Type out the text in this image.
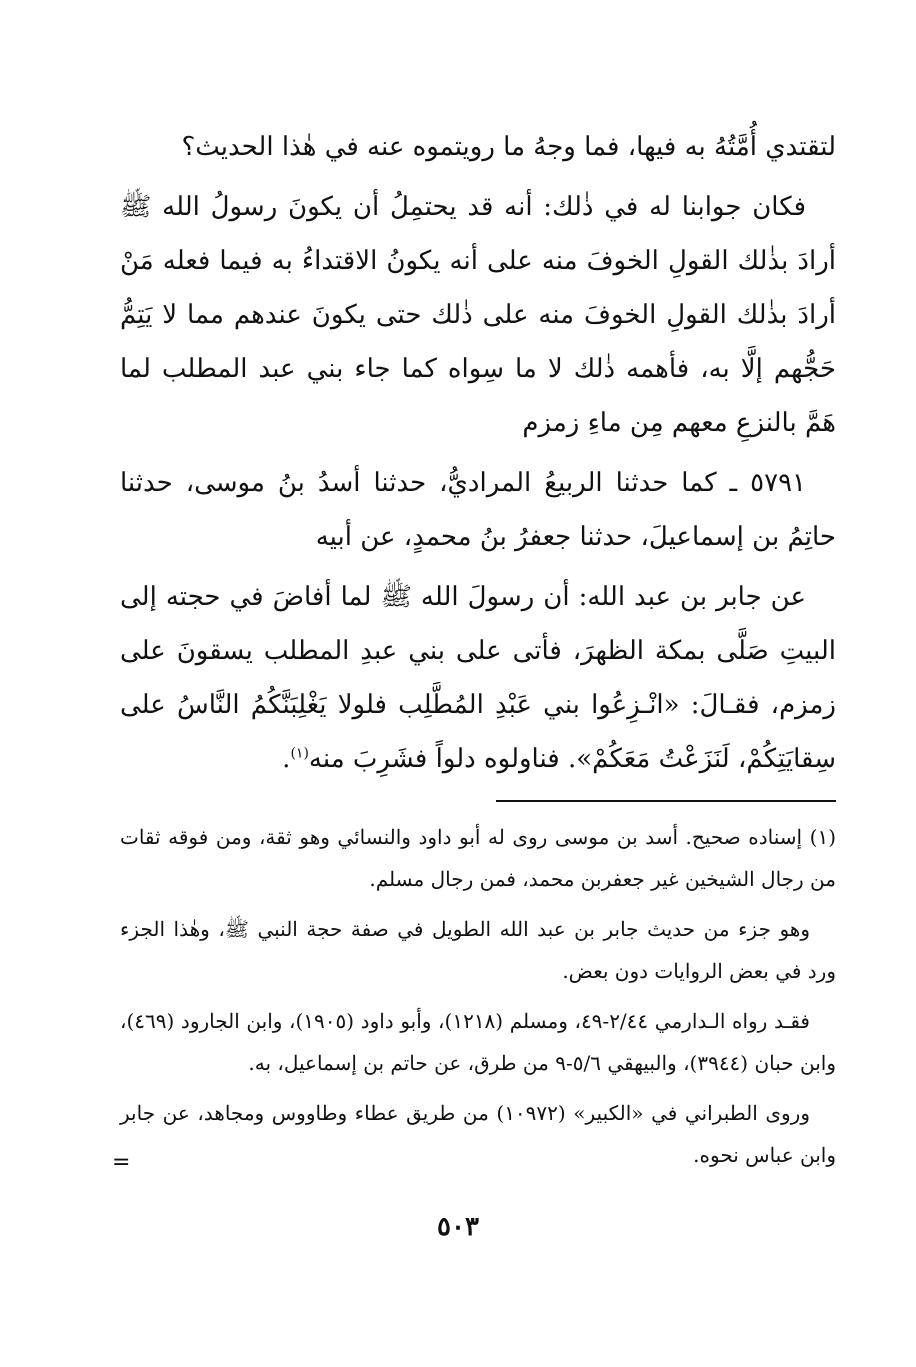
لتقتدي أُمَّتُهُ به فيها، فما وجهُ ما رويتموه عنه في هٰذا الحديث؟

فكان جوابنا له في ذٰلك: أنه قد يحتمِلُ أن يكونَ رسولُ الله ﷺ أرادَ بذٰلك القولِ الخوفَ منه على أنه يكونُ الاقتداءُ به فيما فعله مَنْ أرادَ بذٰلك القولِ الخوفَ منه على ذٰلك حتى يكونَ عندهم مما لا يَتِمُّ حَجُّهم إلَّا به، فأهمه ذٰلك لا ما سِواه كما جاء بني عبد المطلب لما هَمَّ بالنزعِ معهم مِن ماءِ زمزم

٥٧٩١ ـ كما حدثنا الربيعُ المراديُّ، حدثنا أسدُ بنُ موسى، حدثنا حاتِمُ بن إسماعيلَ، حدثنا جعفرُ بنُ محمدٍ، عن أبيه

عن جابر بن عبد الله: أن رسولَ الله ﷺ لما أفاضَ في حجته إلى البيتِ صَلَّى بمكة الظهرَ، فأتى على بني عبدِ المطلب يسقونَ على زمزم، فقـالَ: «انْـزِعُوا بني عَبْدِ المُطَّلِب فلولا يَغْلِبَنَّكُمُ النَّاسُ على سِقايَتِكُمْ، لَنَزَعْتُ مَعَكُمْ». فناولوه دلواً فشَرِبَ منه$^{(١)}$.

(١) إسناده صحيح. أسد بن موسى روى له أبو داود والنسائي وهو ثقة، ومن فوقه ثقات من رجال الشيخين غير جعفربن محمد، فمن رجال مسلم.

وهو جزء من حديث جابر بن عبد الله الطويل في صفة حجة النبي ﷺ، وهٰذا الجزء ورد في بعض الروايات دون بعض.

فقـد رواه الـدارمي ٢/٤٤-٤٩، ومسلم (١٢١٨)، وأبو داود (١٩٠٥)، وابن الجارود (٤٦٩)، وابن حبان (٣٩٤٤)، والبيهقي ٥/٦-٩ من طرق، عن حاتم بن إسماعيل، به.

وروى الطبراني في «الكبير» (١٠٩٧٢) من طريق عطاء وطاووس ومجاهد، عن جابر وابن عباس نحوه.

=
٥٠٣
